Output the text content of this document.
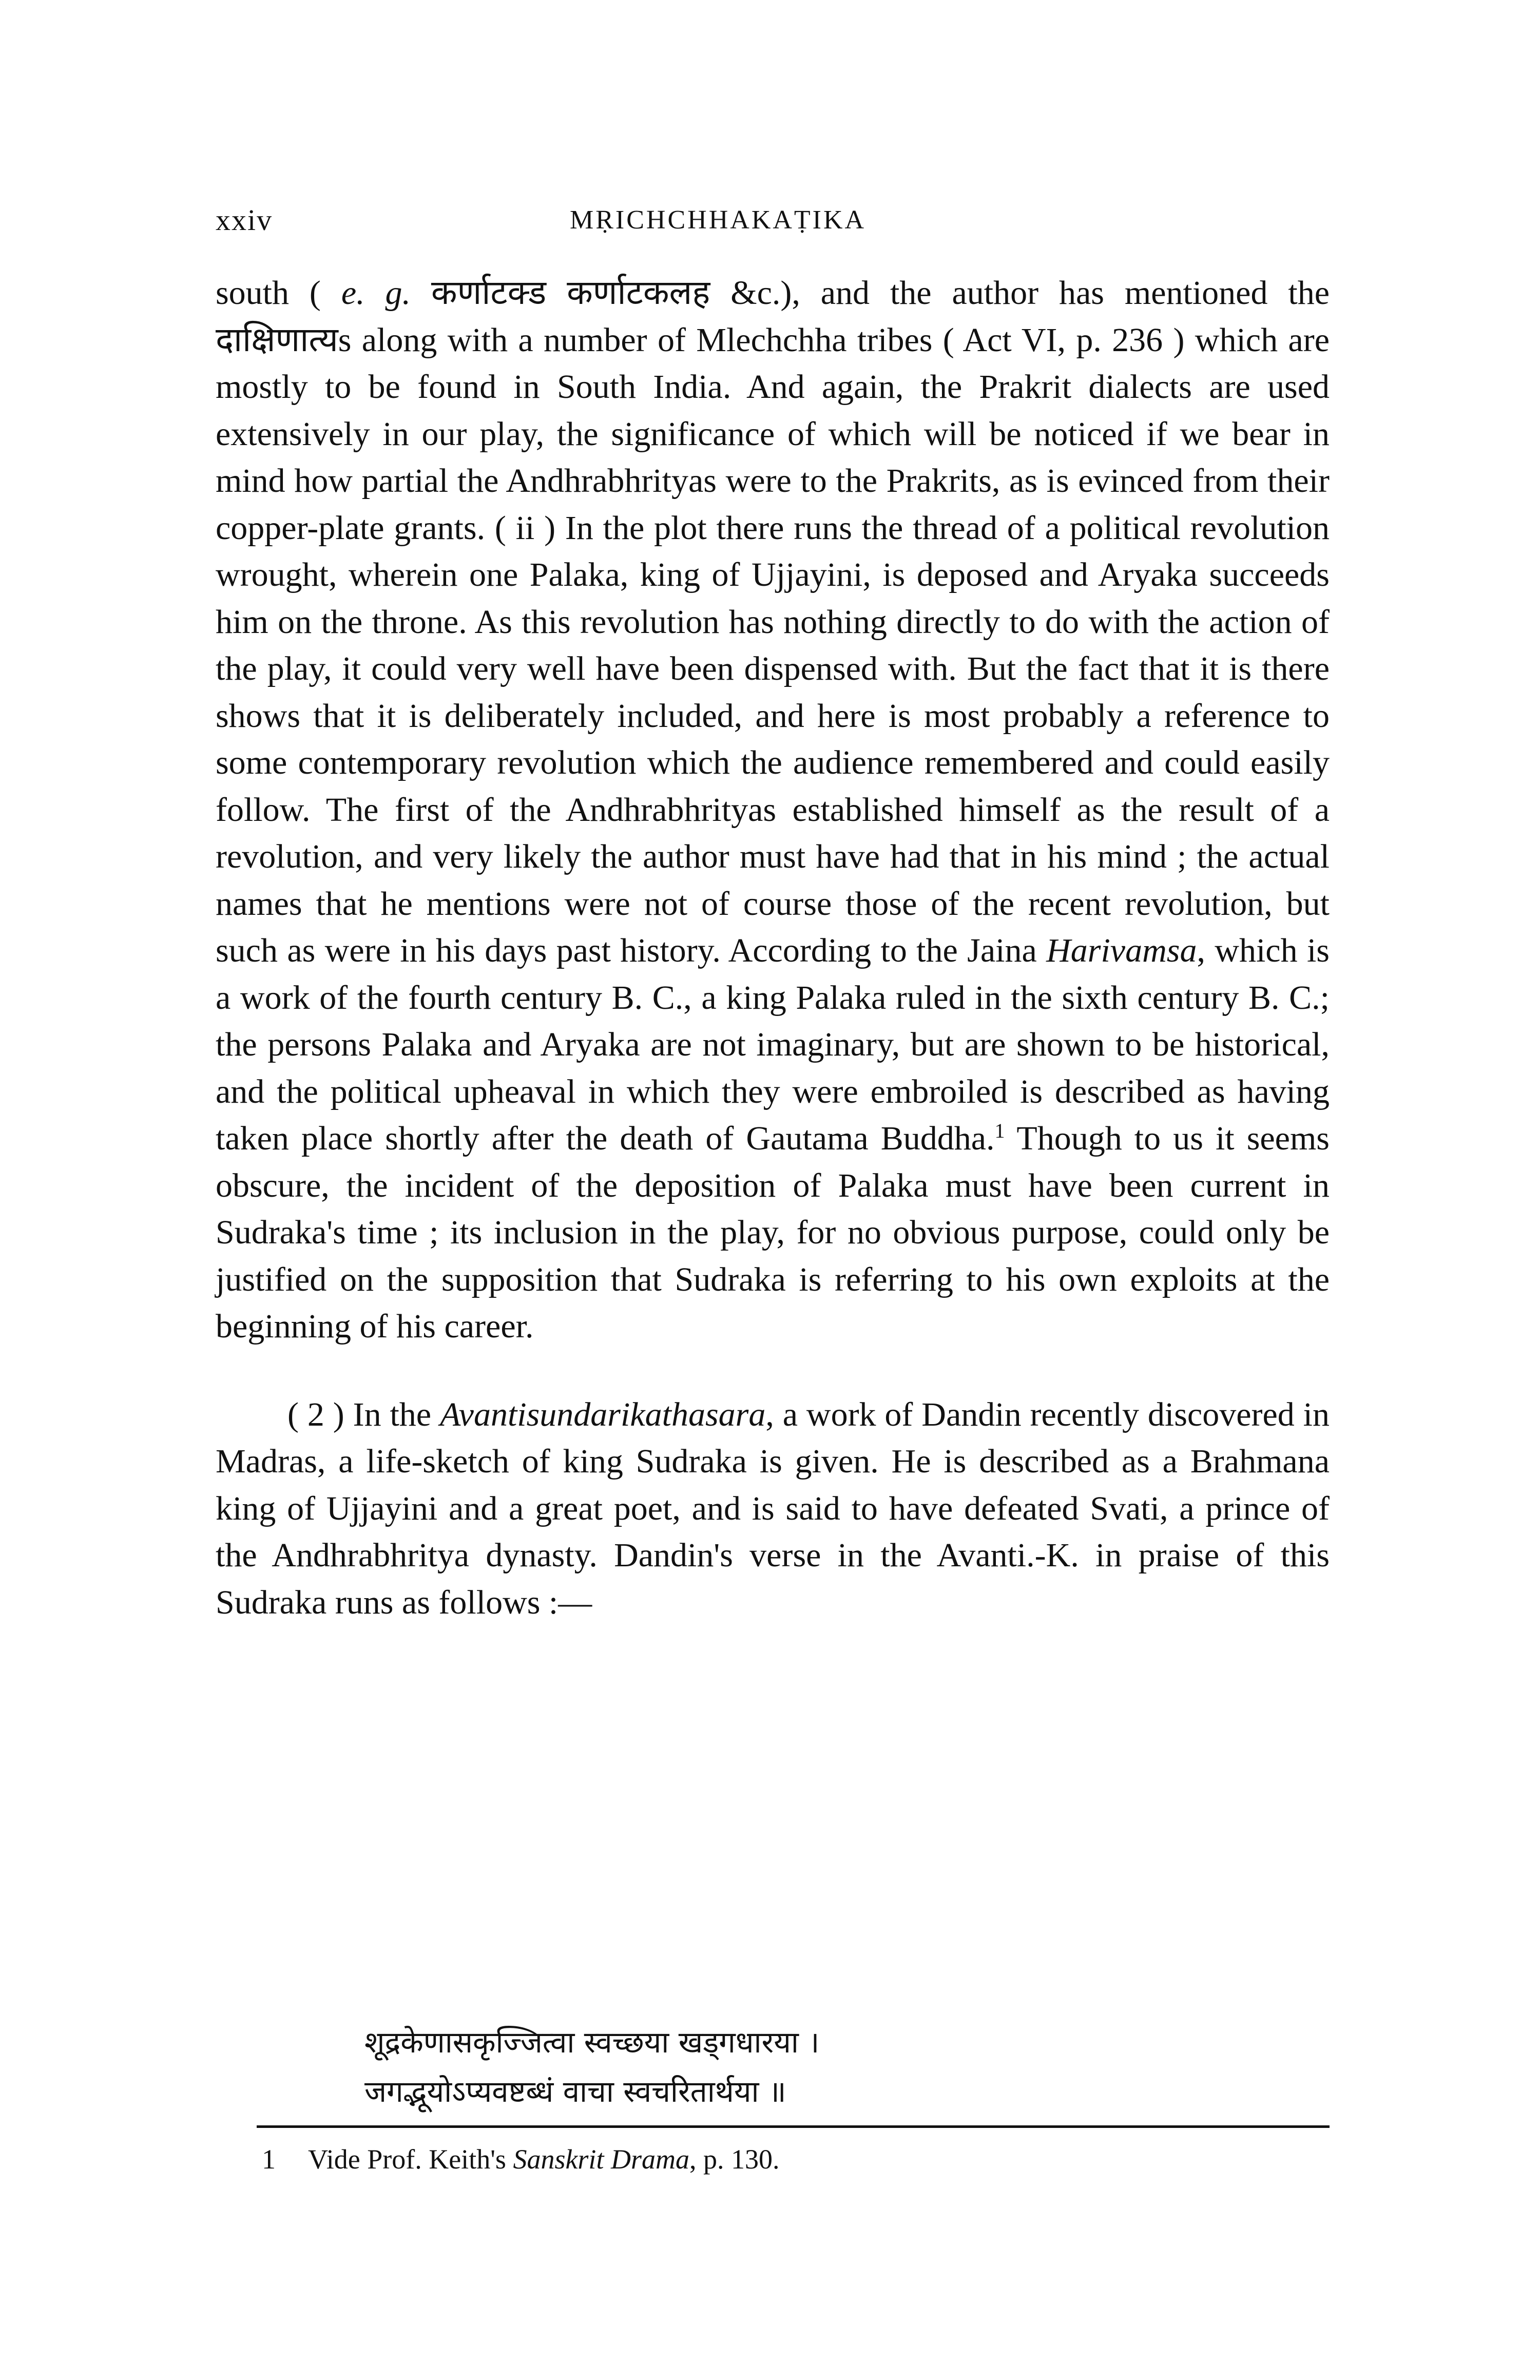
xxiv	MṚICHCHHAKAṬIKA

south ( e. g. कर्णाटक्‍ड कर्णाटकलह &c.), and the author has mentioned the दाक्षिणात्यs along with a number of Mlechchha tribes ( Act VI, p. 236 ) which are mostly to be found in South India. And again, the Prakrit dialects are used extensively in our play, the significance of which will be noticed if we bear in mind how partial the Andhrabhrityas were to the Prakrits, as is evinced from their copper-plate grants. ( ii ) In the plot there runs the thread of a political revolution wrought, wherein one Palaka, king of Ujjayini, is deposed and Aryaka succeeds him on the throne. As this revolution has nothing directly to do with the action of the play, it could very well have been dispensed with. But the fact that it is there shows that it is deliberately included, and here is most probably a reference to some contemporary revolution which the audience remembered and could easily follow. The first of the Andhrabhrityas established himself as the result of a revolution, and very likely the author must have had that in his mind ; the actual names that he mentions were not of course those of the recent revolution, but such as were in his days past history. According to the Jaina Harivamsa, which is a work of the fourth century B. C., a king Palaka ruled in the sixth century B. C.; the persons Palaka and Aryaka are not imaginary, but are shown to be historical, and the political upheaval in which they were embroiled is described as having taken place shortly after the death of Gautama Buddha.$^1$ Though to us it seems obscure, the incident of the deposition of Palaka must have been current in Sudraka's time ; its inclusion in the play, for no obvious purpose, could only be justified on the supposition that Sudraka is referring to his own exploits at the beginning of his career.

( 2 ) In the Avantisundarikathasara, a work of Dandin recently discovered in Madras, a life-sketch of king Sudraka is given. He is described as a Brahmana king of Ujjayini and a great poet, and is said to have defeated Svati, a prince of the Andhrabhritya dynasty. Dandin's verse in the Avanti.-K. in praise of this Sudraka runs as follows :—

शूद्रकेणासकृज्जित्वा स्वच्छया खड्गधारया ।
जगद्भूयोऽप्यवष्टब्धं वाचा स्वचरितार्थया ॥
1 Vide Prof. Keith's Sanskrit Drama, p. 130.
